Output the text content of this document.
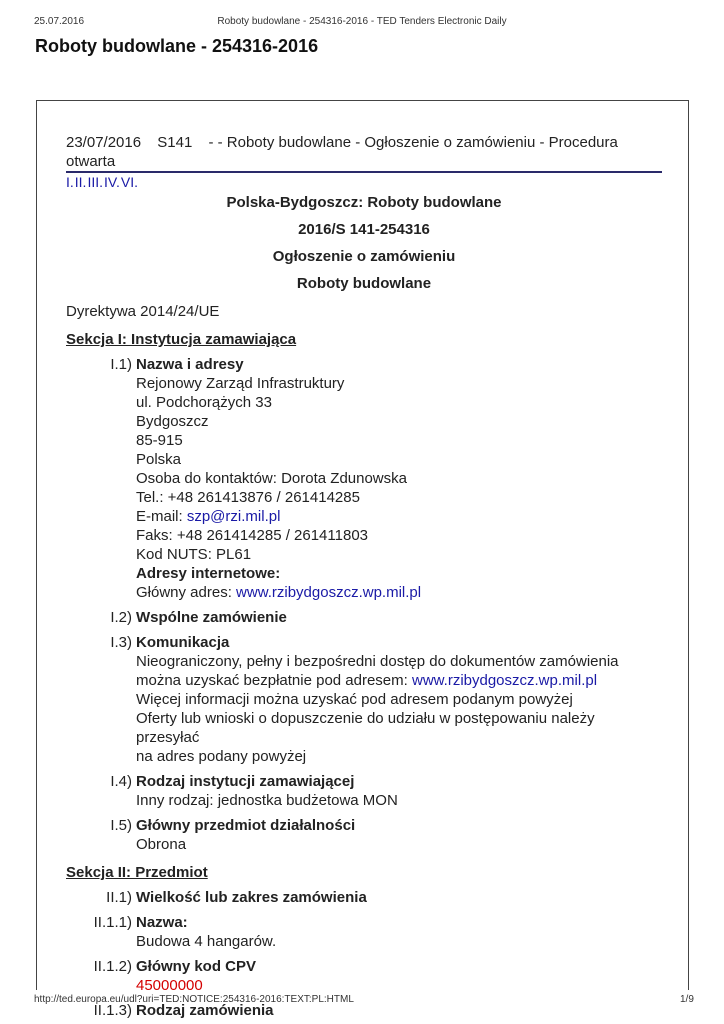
25.07.2016	Roboty budowlane - 254316-2016 - TED Tenders Electronic Daily
Roboty budowlane - 254316-2016

23/07/2016 S141 - - Roboty budowlane - Ogłoszenie o zamówieniu - Procedura otwarta

I.II.III.IV.VI.

Polska-Bydgoszcz: Roboty budowlane

2016/S 141-254316

Ogłoszenie o zamówieniu

Roboty budowlane

Dyrektywa 2014/24/UE
Sekcja I: Instytucja zamawiająca
I.1) Nazwa i adresy
Rejonowy Zarząd Infrastruktury
ul. Podchorążych 33
Bydgoszcz
85-915
Polska
Osoba do kontaktów: Dorota Zdunowska
Tel.: +48 261413876 / 261414285
E-mail: szp@rzi.mil.pl
Faks: +48 261414285 / 261411803
Kod NUTS: PL61
Adresy internetowe:
Główny adres: www.rzibydgoszcz.wp.mil.pl
I.2) Wspólne zamówienie
I.3) Komunikacja
Nieograniczony, pełny i bezpośredni dostęp do dokumentów zamówienia
można uzyskać bezpłatnie pod adresem: www.rzibydgoszcz.wp.mil.pl
Więcej informacji można uzyskać pod adresem podanym powyżej
Oferty lub wnioski o dopuszczenie do udziału w postępowaniu należy przesyłać
na adres podany powyżej
I.4) Rodzaj instytucji zamawiającej
Inny rodzaj: jednostka budżetowa MON
I.5) Główny przedmiot działalności
Obrona
Sekcja II: Przedmiot
II.1) Wielkość lub zakres zamówienia
II.1.1) Nazwa:
Budowa 4 hangarów.
II.1.2) Główny kod CPV
45000000
II.1.3) Rodzaj zamówienia
http://ted.europa.eu/udl?uri=TED:NOTICE:254316-2016:TEXT:PL:HTML	1/9
